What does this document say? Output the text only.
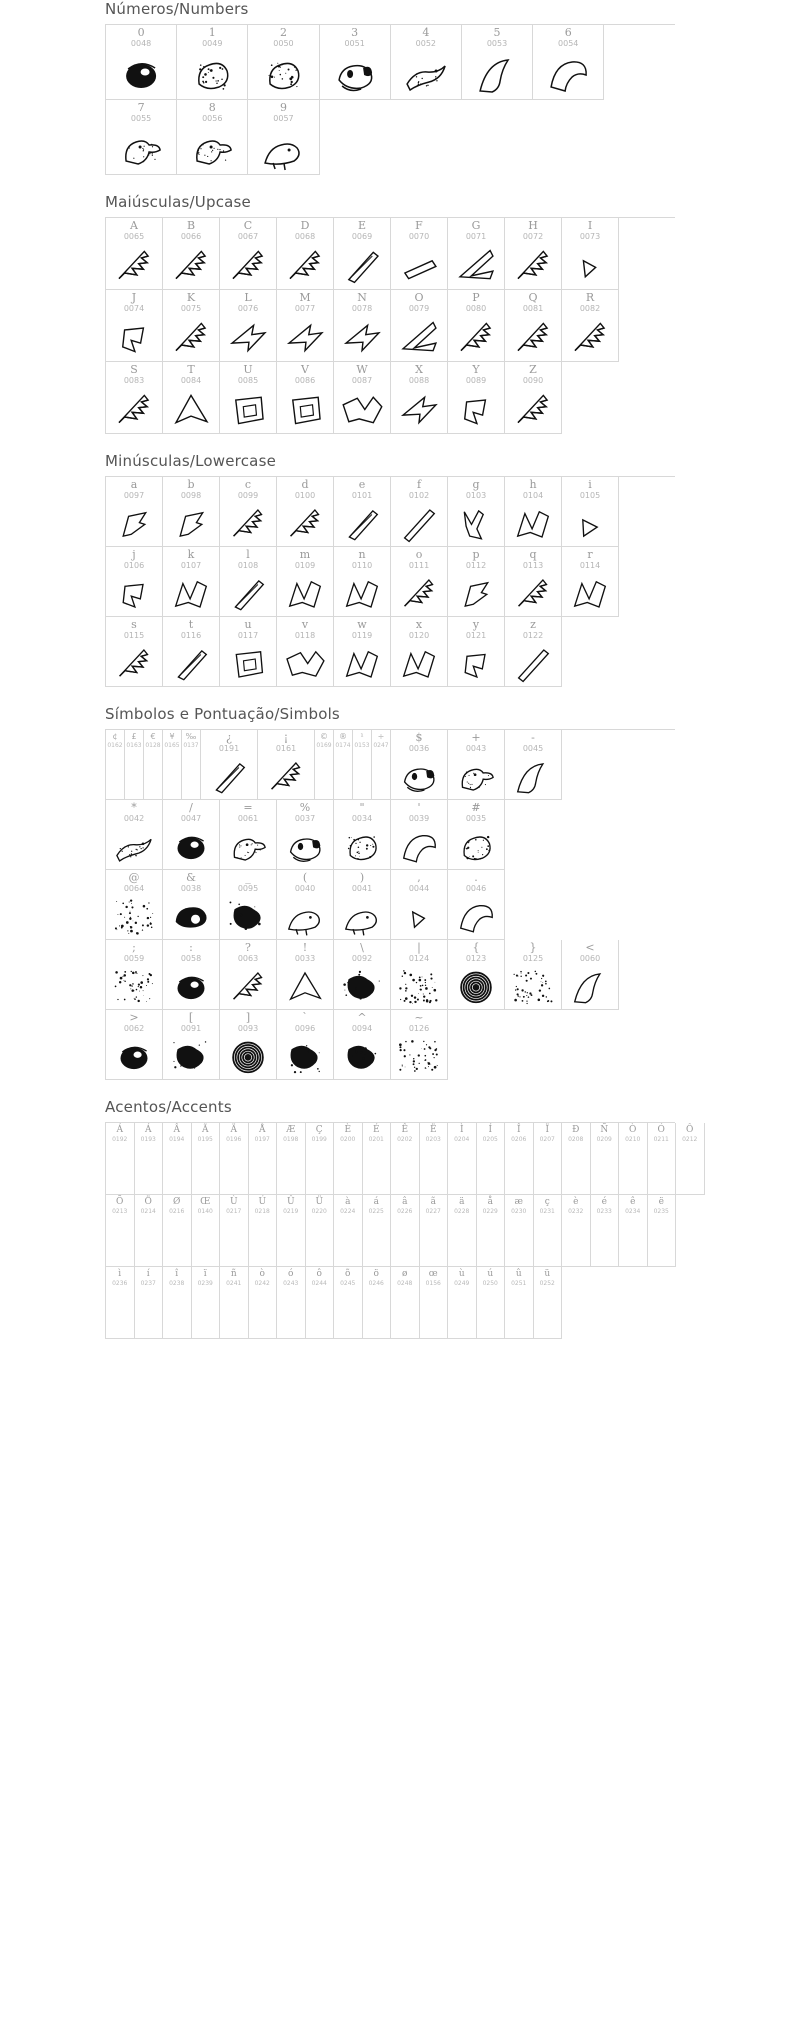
Números/Numbers
0
0048
1
0049
2
0050
3
0051
4
0052
5
0053
6
0054
7
0055
8
0056
9
0057
Maiúsculas/Upcase
A
0065
B
0066
C
0067
D
0068
E
0069
F
0070
G
0071
H
0072
I
0073
J
0074
K
0075
L
0076
M
0077
N
0078
O
0079
P
0080
Q
0081
R
0082
S
0083
T
0084
U
0085
V
0086
W
0087
X
0088
Y
0089
Z
0090
Minúsculas/Lowercase
a
0097
b
0098
c
0099
d
0100
e
0101
f
0102
g
0103
h
0104
i
0105
j
0106
k
0107
l
0108
m
0109
n
0110
o
0111
p
0112
q
0113
r
0114
s
0115
t
0116
u
0117
v
0118
w
0119
x
0120
y
0121
z
0122
Símbolos e Pontuação/Simbols
¢
0162
£
0163
€
0128
¥
0165
‰
0137
¿
0191
¡
0161
©
0169
®
0174
¹
0153
÷
0247
$
0036
+
0043
-
0045
*
0042
/
0047
=
0061
%
0037
"
0034
'
0039
#
0035
@
0064
&
0038
_
0095
(
0040
)
0041
,
0044
.
0046
;
0059
:
0058
?
0063
!
0033
\
0092
|
0124
{
0123
}
0125
<
0060
>
0062
[
0091
]
0093
`
0096
^
0094
~
0126
Acentos/Accents
Á
0192
Á
0193
Â
0194
Ã
0195
Ä
0196
Å
0197
Æ
0198
Ç
0199
È
0200
É
0201
Ê
0202
Ë
0203
Ì
0204
Í
0205
Î
0206
Ï
0207
Ð
0208
Ñ
0209
Ò
0210
Ó
0211
Ô
0212
Õ
0213
Ö
0214
Ø
0216
Œ
0140
Ù
0217
Ú
0218
Û
0219
Ü
0220
à
0224
á
0225
â
0226
ã
0227
ä
0228
å
0229
æ
0230
ç
0231
è
0232
é
0233
ê
0234
ë
0235
ì
0236
í
0237
î
0238
ï
0239
ñ
0241
ò
0242
ó
0243
ô
0244
õ
0245
ö
0246
ø
0248
œ
0156
ù
0249
ú
0250
û
0251
ü
0252
